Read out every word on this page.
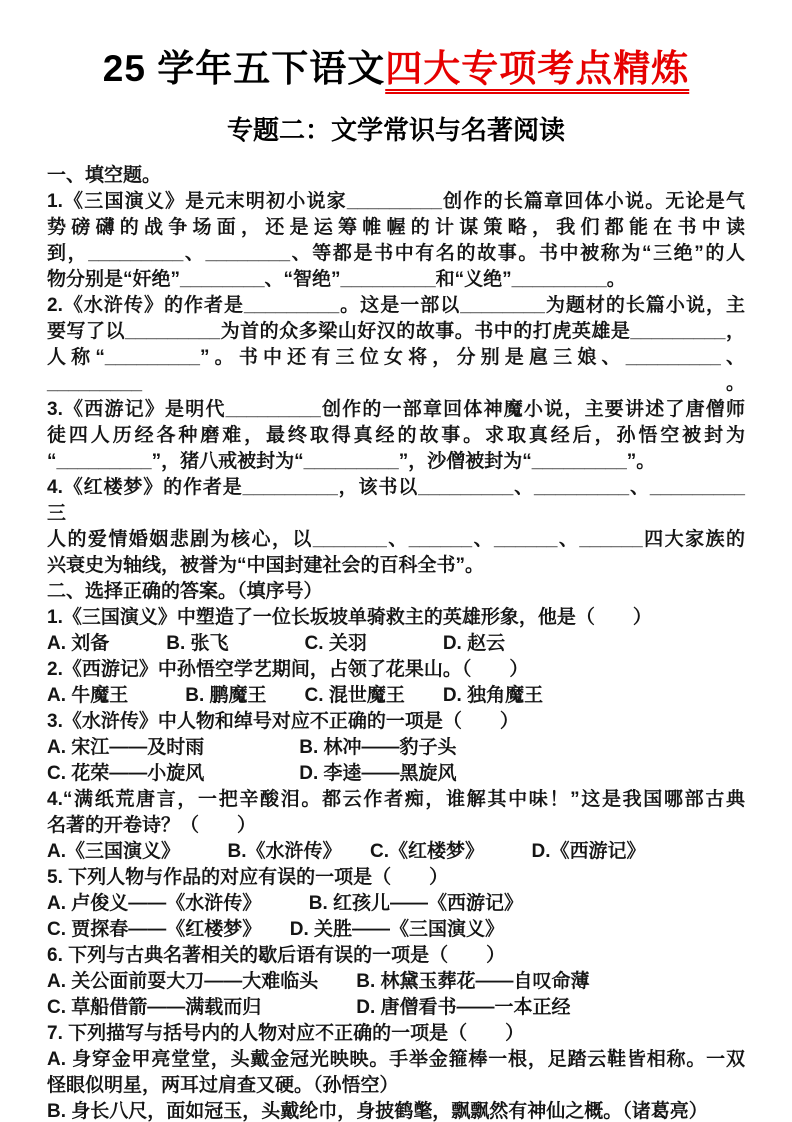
25 学年五下语文四大专项考点精炼
专题二：文学常识与名著阅读
一、填空题。
1.《三国演义》是元末明初小说家_________创作的长篇章回体小说。无论是气
势磅礴的战争场面，还是运筹帷幄的计谋策略，我们都能在书中读
到，_________、________、等都是书中有名的故事。书中被称为“三绝”的人
物分别是“奸绝”________、“智绝”_________和“义绝”_________。
2.《水浒传》的作者是_________。这是一部以________为题材的长篇小说，主
要写了以_________为首的众多梁山好汉的故事。书中的打虎英雄是_________，
人称“_________”。书中还有三位女将，分别是扈三娘、_________、_________。
3.《西游记》是明代_________创作的一部章回体神魔小说，主要讲述了唐僧师
徒四人历经各种磨难，最终取得真经的故事。求取真经后，孙悟空被封为
“_________”，猪八戒被封为“_________”，沙僧被封为“_________”。
4.《红楼梦》的作者是_________，该书以_________、_________、_________三
人的爱情婚姻悲剧为核心，以_______、______、______、______四大家族的
兴衰史为轴线，被誉为“中国封建社会的百科全书”。
二、选择正确的答案。（填序号）
1.《三国演义》中塑造了一位长坂坡单骑救主的英雄形象，他是（　　）
A. 刘备　　　B. 张飞　　　　C. 关羽　　　　D. 赵云
2.《西游记》中孙悟空学艺期间，占领了花果山。（　　）
A. 牛魔王　　　B. 鹏魔王　　C. 混世魔王　　D. 独角魔王
3.《水浒传》中人物和绰号对应不正确的一项是（　　）
A. 宋江——及时雨　　　　　B. 林冲——豹子头
C. 花荣——小旋风　　　　　D. 李逵——黑旋风
4.“满纸荒唐言，一把辛酸泪。都云作者痴，谁解其中味！”这是我国哪部古典
名著的开卷诗？（　　）
A.《三国演义》　　　B.《水浒传》　　C.《红楼梦》　　　D.《西游记》
5. 下列人物与作品的对应有误的一项是（　　）
A. 卢俊义——《水浒传》　　　B. 红孩儿——《西游记》
C. 贾探春——《红楼梦》　　D. 关胜——《三国演义》
6. 下列与古典名著相关的歇后语有误的一项是（　　）
A. 关公面前耍大刀——大难临头　　B. 林黛玉葬花——自叹命薄
C. 草船借箭——满载而归　　　　　D. 唐僧看书——一本正经
7. 下列描写与括号内的人物对应不正确的一项是（　　）
A. 身穿金甲亮堂堂，头戴金冠光映映。手举金箍棒一根，足踏云鞋皆相称。一双
怪眼似明星，两耳过肩查又硬。（孙悟空）
B. 身长八尺，面如冠玉，头戴纶巾，身披鹤氅，飘飘然有神仙之概。（诸葛亮）
